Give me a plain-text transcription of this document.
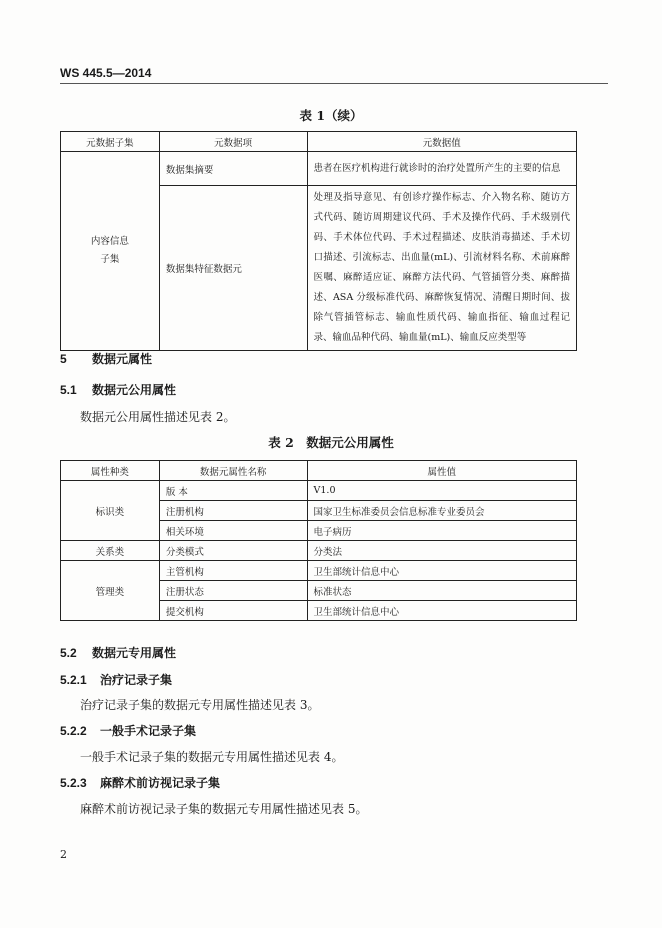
WS 445.5—2014
表 1（续）
元数据子集	元数据项	元数据值
内容信息
子集	数据集摘要	患者在医疗机构进行就诊时的治疗处置所产生的主要的信息
	数据集特征数据元	处理及指导意见、有创诊疗操作标志、介入物名称、随访方式代码、随访周期建议代码、手术及操作代码、手术级别代码、手术体位代码、手术过程描述、皮肤消毒描述、手术切口描述、引流标志、出血量(mL)、引流材料名称、术前麻醉医嘱、麻醉适应证、麻醉方法代码、气管插管分类、麻醉描述、ASA 分级标准代码、麻醉恢复情况、清醒日期时间、拔除气管插管标志、输血性质代码、输血指征、输血过程记录、输血品种代码、输血量(mL)、输血反应类型等
5 数据元属性
5.1 数据元公用属性
数据元公用属性描述见表 2。
表 2　数据元公用属性
属性种类	数据元属性名称	属性值
标识类	版 本	V1.0
	注册机构	国家卫生标准委员会信息标准专业委员会
	相关环境	电子病历
关系类	分类模式	分类法
管理类	主管机构	卫生部统计信息中心
	注册状态	标准状态
	提交机构	卫生部统计信息中心
5.2 数据元专用属性
5.2.1 治疗记录子集
治疗记录子集的数据元专用属性描述见表 3。
5.2.2 一般手术记录子集
一般手术记录子集的数据元专用属性描述见表 4。
5.2.3 麻醉术前访视记录子集
麻醉术前访视记录子集的数据元专用属性描述见表 5。
2
